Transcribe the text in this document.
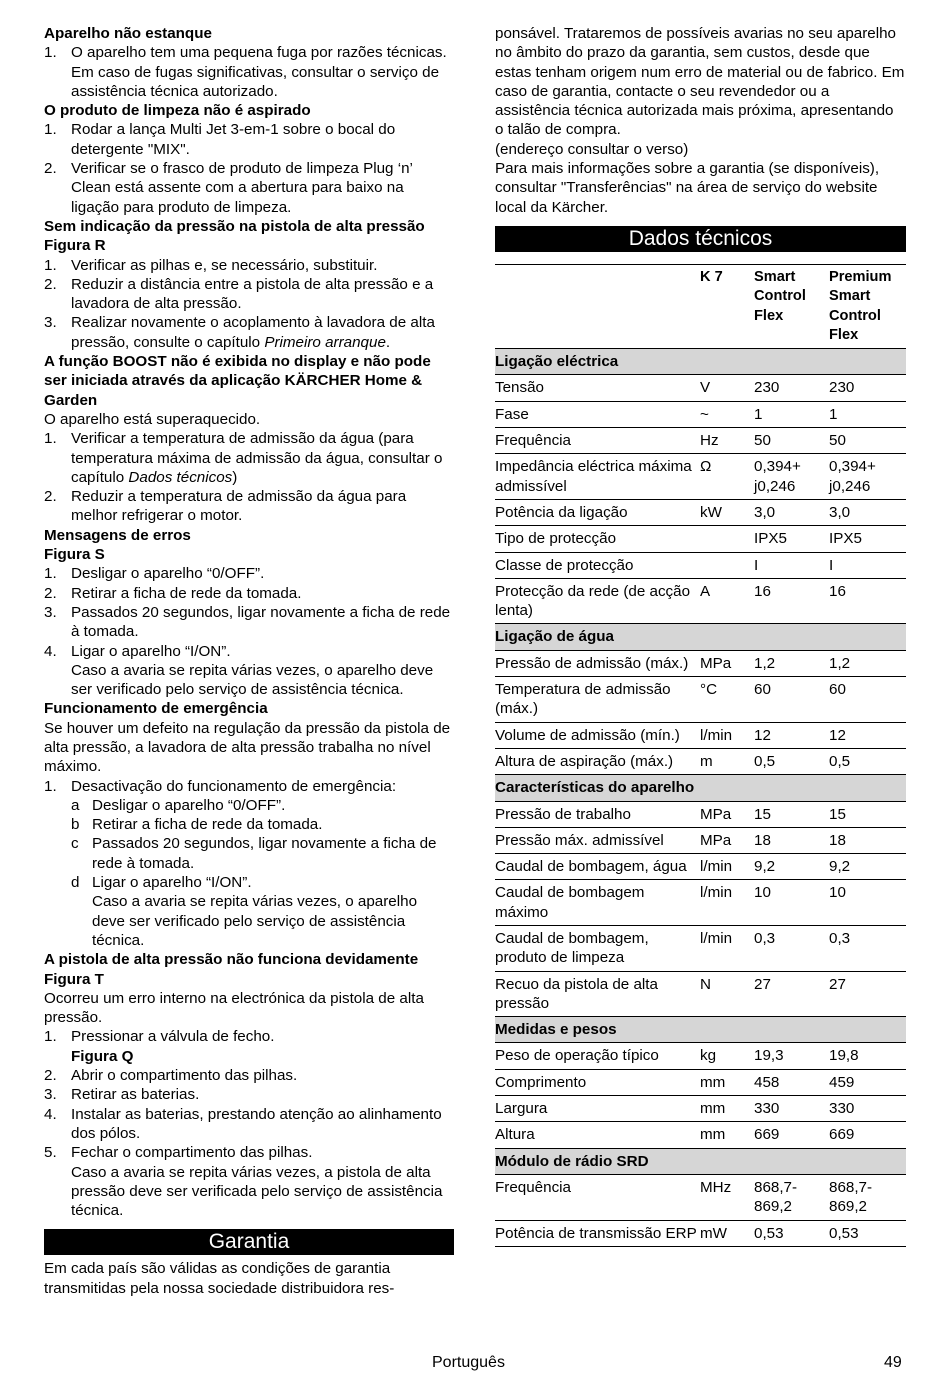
Aparelho não estanque
1. O aparelho tem uma pequena fuga por razões técnicas. Em caso de fugas significativas, consultar o serviço de assistência técnica autorizado.
O produto de limpeza não é aspirado
1. Rodar a lança Multi Jet 3-em-1 sobre o bocal do detergente "MIX".
2. Verificar se o frasco de produto de limpeza Plug ‘n’ Clean está assente com a abertura para baixo na ligação para produto de limpeza.
Sem indicação da pressão na pistola de alta pressão
Figura R
1. Verificar as pilhas e, se necessário, substituir.
2. Reduzir a distância entre a pistola de alta pressão e a lavadora de alta pressão.
3. Realizar novamente o acoplamento à lavadora de alta pressão, consulte o capítulo Primeiro arranque.
A função BOOST não é exibida no display e não pode ser iniciada através da aplicação KÄRCHER Home & Garden
O aparelho está superaquecido.
1. Verificar a temperatura de admissão da água (para temperatura máxima de admissão da água, consultar o capítulo Dados técnicos)
2. Reduzir a temperatura de admissão da água para melhor refrigerar o motor.
Mensagens de erros
Figura S
1. Desligar o aparelho “0/OFF”.
2. Retirar a ficha de rede da tomada.
3. Passados 20 segundos, ligar novamente a ficha de rede à tomada.
4. Ligar o aparelho “I/ON”.
Caso a avaria se repita várias vezes, o aparelho deve ser verificado pelo serviço de assistência técnica.
Funcionamento de emergência
Se houver um defeito na regulação da pressão da pistola de alta pressão, a lavadora de alta pressão trabalha no nível máximo.
1. Desactivação do funcionamento de emergência:
a Desligar o aparelho “0/OFF”.
b Retirar a ficha de rede da tomada.
c Passados 20 segundos, ligar novamente a ficha de rede à tomada.
d Ligar o aparelho “I/ON”.
Caso a avaria se repita várias vezes, o aparelho deve ser verificado pelo serviço de assistência técnica.
A pistola de alta pressão não funciona devidamente
Figura T
Ocorreu um erro interno na electrónica da pistola de alta pressão.
1. Pressionar a válvula de fecho.
Figura Q
2. Abrir o compartimento das pilhas.
3. Retirar as baterias.
4. Instalar as baterias, prestando atenção ao alinhamento dos pólos.
5. Fechar o compartimento das pilhas.
Caso a avaria se repita várias vezes, a pistola de alta pressão deve ser verificada pelo serviço de assistência técnica.
Garantia
Em cada país são válidas as condições de garantia transmitidas pela nossa sociedade distribuidora res-
ponsável. Trataremos de possíveis avarias no seu aparelho no âmbito do prazo da garantia, sem custos, desde que estas tenham origem num erro de material ou de fabrico. Em caso de garantia, contacte o seu revendedor ou a assistência técnica autorizada mais próxima, apresentando o talão de compra.
(endereço consultar o verso)
Para mais informações sobre a garantia (se disponíveis), consultar "Transferências" na área de serviço do website local da Kärcher.
Dados técnicos
	K 7	Smart Control Flex	Premium Smart Control Flex
Ligação eléctrica			
Tensão	V	230	230
Fase	~	1	1
Frequência	Hz	50	50
Impedância eléctrica máxima admissível	Ω	0,394+ j0,246	0,394+ j0,246
Potência da ligação	kW	3,0	3,0
Tipo de protecção		IPX5	IPX5
Classe de protecção		I	I
Protecção da rede (de acção lenta)	A	16	16
Ligação de água			
Pressão de admissão (máx.)	MPa	1,2	1,2
Temperatura de admissão (máx.)	°C	60	60
Volume de admissão (mín.)	l/min	12	12
Altura de aspiração (máx.)	m	0,5	0,5
Características do aparelho			
Pressão de trabalho	MPa	15	15
Pressão máx. admissível	MPa	18	18
Caudal de bombagem, água	l/min	9,2	9,2
Caudal de bombagem máximo	l/min	10	10
Caudal de bombagem, produto de limpeza	l/min	0,3	0,3
Recuo da pistola de alta pressão	N	27	27
Medidas e pesos			
Peso de operação típico	kg	19,3	19,8
Comprimento	mm	458	459
Largura	mm	330	330
Altura	mm	669	669
Módulo de rádio SRD			
Frequência	MHz	868,7-869,2	868,7-869,2
Potência de transmissão ERP	mW	0,53	0,53
Português	49
